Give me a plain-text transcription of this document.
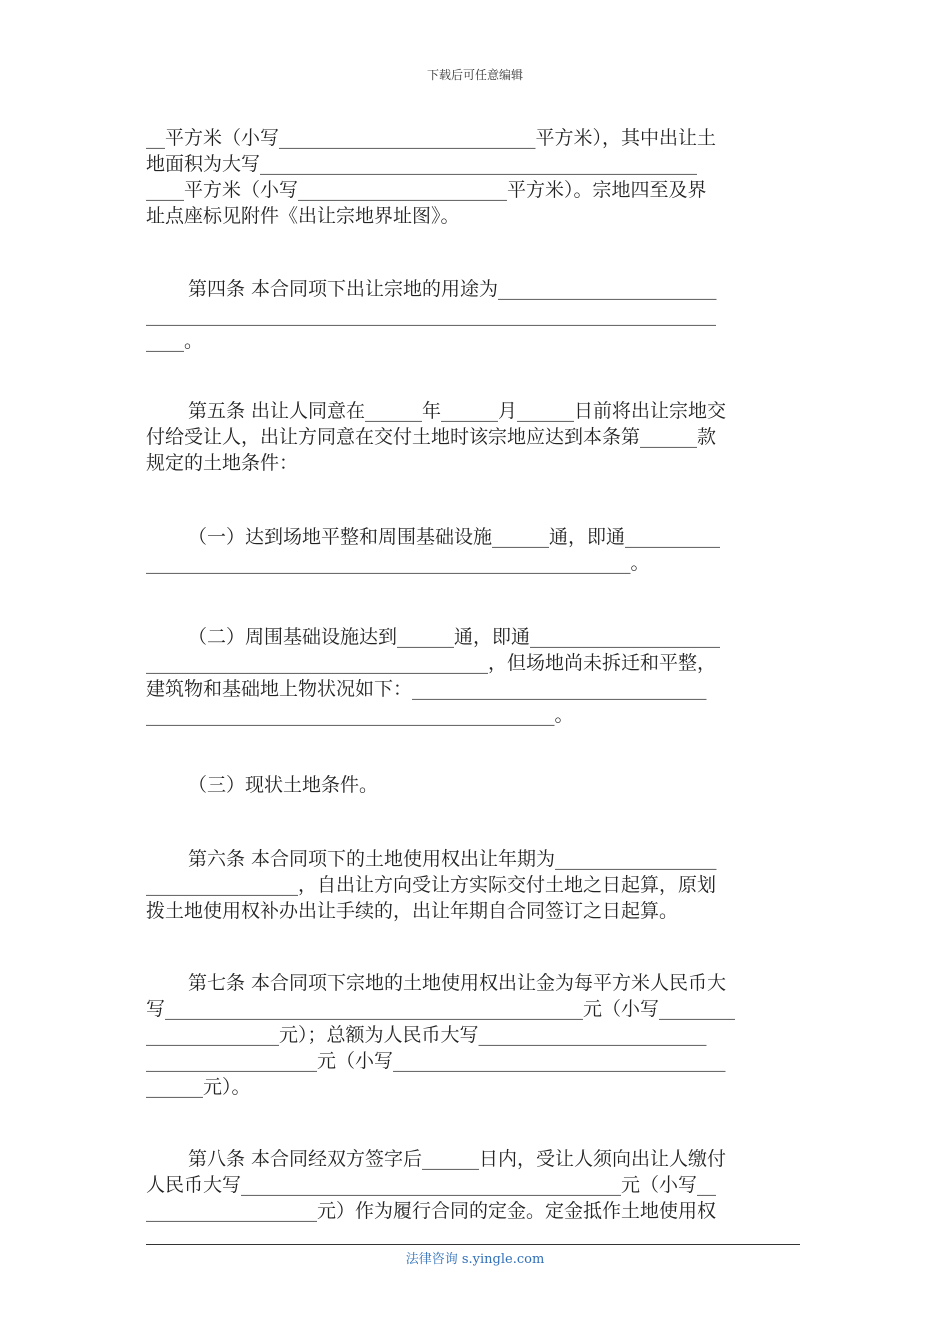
下载后可任意编辑

__平方米（小写___________________________平方米），其中出让土
地面积为大写______________________________________________
____平方米（小写______________________平方米）。宗地四至及界
址点座标见附件《出让宗地界址图》。

第四条 本合同项下出让宗地的用途为_______________________
____________________________________________________________
____。

第五条 出让人同意在______年______月______日前将出让宗地交
付给受让人，出让方同意在交付土地时该宗地应达到本条第______款
规定的土地条件：

（一）达到场地平整和周围基础设施______通，即通__________
___________________________________________________。

（二）周围基础设施达到______通，即通____________________
____________________________________，但场地尚未拆迁和平整，
建筑物和基础地上物状况如下：_______________________________
___________________________________________。

（三）现状土地条件。

第六条 本合同项下的土地使用权出让年期为_________________
________________，自出让方向受让方实际交付土地之日起算，原划
拨土地使用权补办出让手续的，出让年期自合同签订之日起算。

第七条 本合同项下宗地的土地使用权出让金为每平方米人民币大
写____________________________________________元（小写________
______________元）；总额为人民币大写________________________
__________________元（小写___________________________________
______元）。

第八条 本合同经双方签字后______日内，受让人须向出让人缴付
人民币大写________________________________________元（小写__
__________________元）作为履行合同的定金。定金抵作土地使用权

法律咨询 s.yingle.com
